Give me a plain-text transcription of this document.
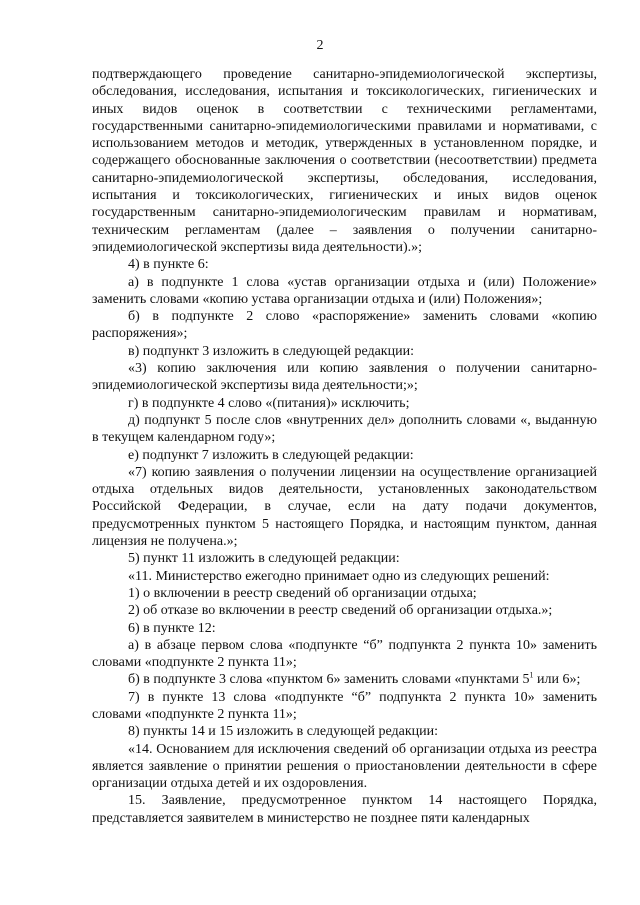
2

подтверждающего проведение санитарно-эпидемиологической экспертизы, обследования, исследования, испытания и токсикологических, гигиенических и иных видов оценок в соответствии с техническими регламентами, государственными санитарно-эпидемиологическими правилами и нормативами, с использованием методов и методик, утвержденных в установленном порядке, и содержащего обоснованные заключения о соответствии (несоответствии) предмета санитарно-эпидемиологической экспертизы, обследования, исследования, испытания и токсикологических, гигиенических и иных видов оценок государственным санитарно-эпидемиологическим правилам и нормативам, техническим регламентам (далее – заявления о получении санитарно-эпидемиологической экспертизы вида деятельности).»;

4) в пункте 6:

а) в подпункте 1 слова «устав организации отдыха и (или) Положение» заменить словами «копию устава организации отдыха и (или) Положения»;

б) в подпункте 2 слово «распоряжение» заменить словами «копию распоряжения»;

в) подпункт 3 изложить в следующей редакции:

«3) копию заключения или копию заявления о получении санитарно-эпидемиологической экспертизы вида деятельности;»;

г) в подпункте 4 слово «(питания)» исключить;

д) подпункт 5 после слов «внутренних дел» дополнить словами «, выданную в текущем календарном году»;

е) подпункт 7 изложить в следующей редакции:

«7) копию заявления о получении лицензии на осуществление организацией отдыха отдельных видов деятельности, установленных законодательством Российской Федерации, в случае, если на дату подачи документов, предусмотренных пунктом 5 настоящего Порядка, и настоящим пунктом, данная лицензия не получена.»;

5) пункт 11 изложить в следующей редакции:

«11. Министерство ежегодно принимает одно из следующих решений:

1) о включении в реестр сведений об организации отдыха;

2) об отказе во включении в реестр сведений об организации отдыха.»;

6) в пункте 12:

а) в абзаце первом слова «подпункте “б” подпункта 2 пункта 10» заменить словами «подпункте 2 пункта 11»;

б) в подпункте 3 слова «пунктом 6» заменить словами «пунктами $5^1$ или 6»;

7) в пункте 13 слова «подпункте “б” подпункта 2 пункта 10» заменить словами «подпункте 2 пункта 11»;

8) пункты 14 и 15 изложить в следующей редакции:

«14. Основанием для исключения сведений об организации отдыха из реестра является заявление о принятии решения о приостановлении деятельности в сфере организации отдыха детей и их оздоровления.

15. Заявление, предусмотренное пунктом 14 настоящего Порядка, представляется заявителем в министерство не позднее пяти календарных
